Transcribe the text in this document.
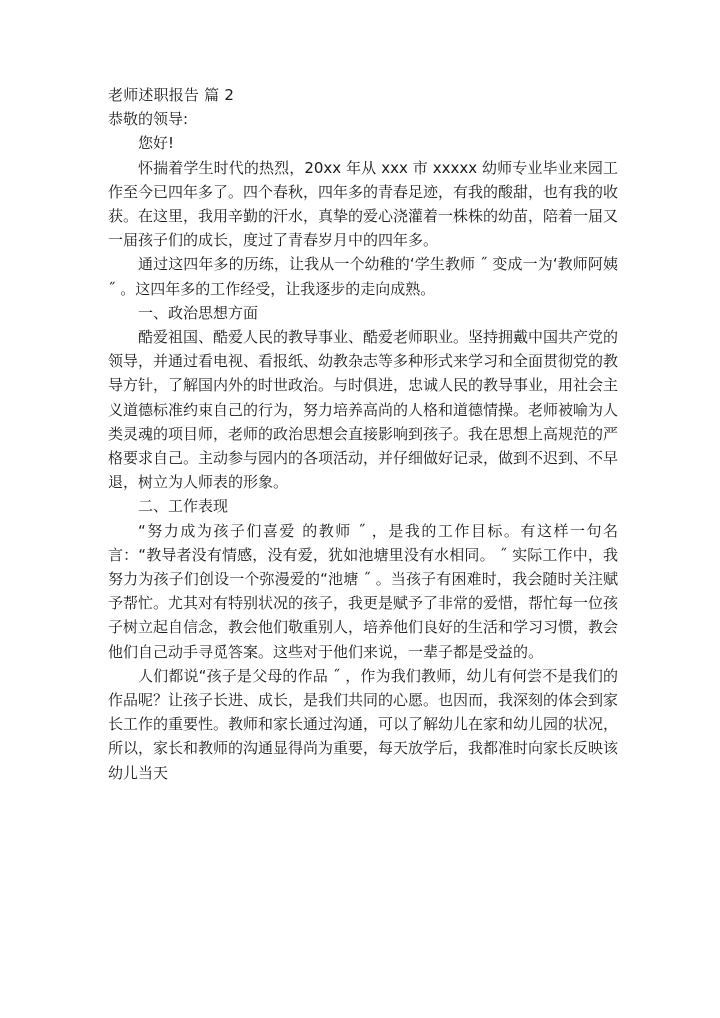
老师述职报告 篇 2

恭敬的领导:

您好!

怀揣着学生时代的热烈，20xx 年从 xxx 市 xxxxx 幼师专业毕业来园工作至今已四年多了。四个春秋，四年多的青春足迹，有我的酸甜，也有我的收获。在这里，我用辛勤的汗水，真挚的爱心浇灌着一株株的幼苗，陪着一届又一届孩子们的成长，度过了青春岁月中的四年多。

通过这四年多的历练，让我从一个幼稚的‘学生教师 ˝ 变成一为‘教师阿姨 ˝ 。这四年多的工作经受，让我逐步的走向成熟。

一、政治思想方面

酷爱祖国、酷爱人民的教导事业、酷爱老师职业。坚持拥戴中国共产党的领导，并通过看电视、看报纸、幼教杂志等多种形式来学习和全面贯彻党的教导方针，了解国内外的时世政治。与时俱进，忠诚人民的教导事业，用社会主义道德标准约束自己的行为，努力培养高尚的人格和道德情操。老师被喻为人类灵魂的项目师，老师的政治思想会直接影响到孩子。我在思想上高规范的严格要求自己。主动参与园内的各项活动，并仔细做好记录，做到不迟到、不早退，树立为人师表的形象。

二、工作表现

“努力成为孩子们喜爱 的教师 ˝ ，是我的工作目标。有这样一句名言：“教导者没有情感，没有爱，犹如池塘里没有水相同。 ˝ 实际工作中，我努力为孩子们创设一个弥漫爱的“池塘 ˝ 。当孩子有困难时，我会随时关注赋予帮忙。尤其对有特别状况的孩子，我更是赋予了非常的爱惜，帮忙每一位孩子树立起自信念，教会他们敬重别人，培养他们良好的生活和学习习惯，教会他们自己动手寻觅答案。这些对于他们来说，一辈子都是受益的。

人们都说“孩子是父母的作品 ˝ ，作为我们教师，幼儿有何尝不是我们的作品呢？让孩子长进、成长，是我们共同的心愿。也因而，我深刻的体会到家长工作的重要性。教师和家长通过沟通，可以了解幼儿在家和幼儿园的状况，所以，家长和教师的沟通显得尚为重要，每天放学后，我都准时向家长反映该幼儿当天
